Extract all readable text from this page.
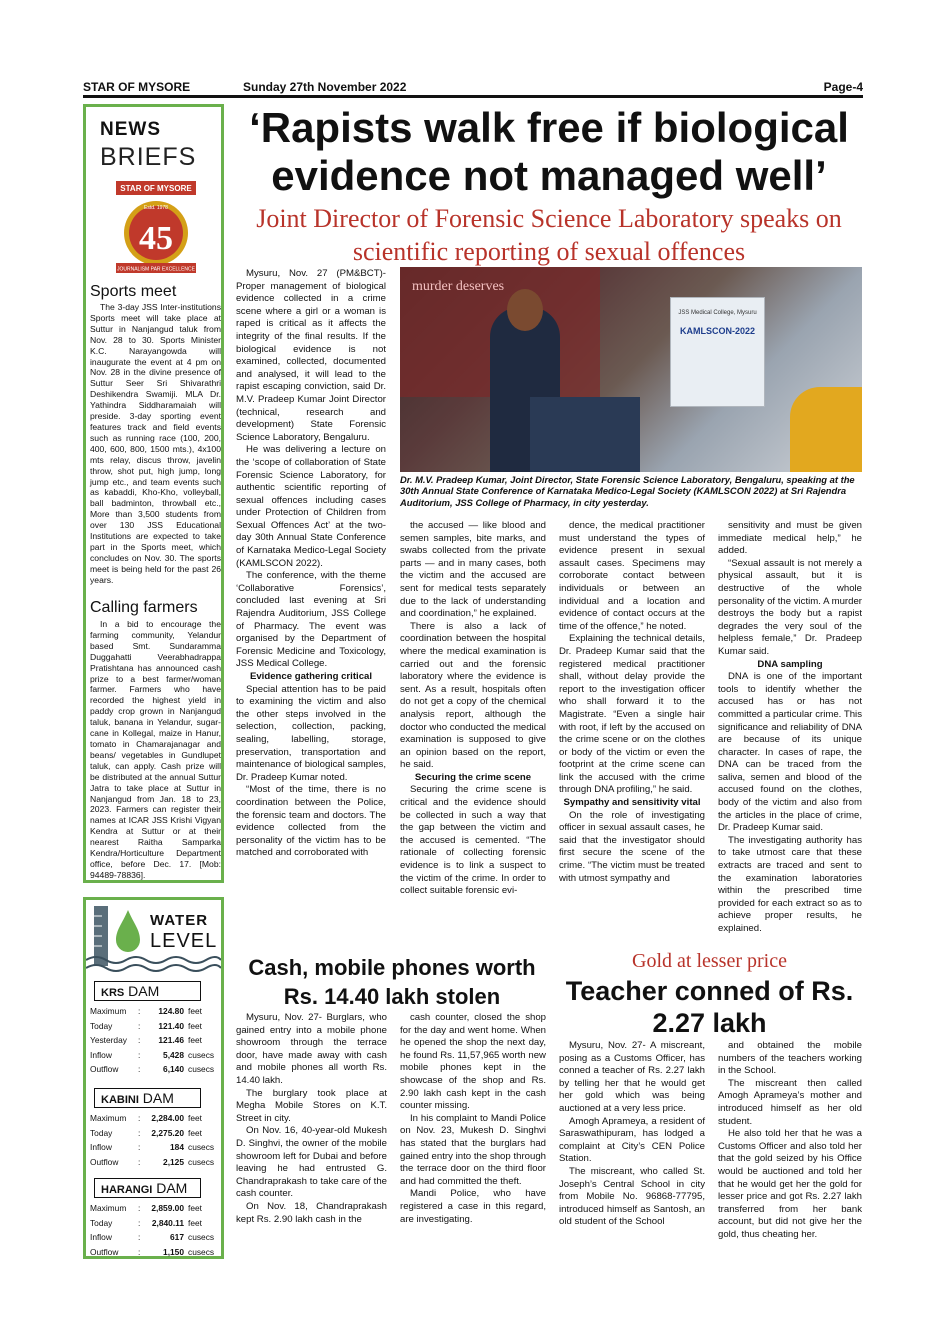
STAR OF MYSORE	Sunday 27th November 2022	Page-4
NEWS
BRIEFS
STAR OF MYSORE
Estd. 1978
45
JOURNALISM PAR EXCELLENCE
Sports meet
The 3-day JSS Inter-institutions Sports meet will take place at Suttur in Nanjangud taluk from Nov. 28 to 30. Sports Minister K.C. Narayangowda will inaugurate the event at 4 pm on Nov. 28 in the divine presence of Suttur Seer Sri Shivarathri Deshikendra Swamiji. MLA Dr. Yathindra Siddharamaiah will preside. 3-day sporting event features track and field events such as running race (100, 200, 400, 600, 800, 1500 mts.), 4x100 mts relay, discus throw, javelin throw, shot put, high jump, long jump etc., and team events such as kabaddi, Kho-Kho, volleyball, ball badminton, throwball etc., More than 3,500 students from over 130 JSS Educational Institutions are expected to take part in the Sports meet, which concludes on Nov. 30. The sports meet is being held for the past 26 years.
Calling farmers
In a bid to encourage the farming community, Yelandur based Smt. Sundaramma Duggahatti Veerabhadrappa Pratishtana has announced cash prize to a best farmer/woman farmer. Farmers who have recorded the highest yield in paddy crop grown in Nanjangud taluk, banana in Yelandur, sugar-cane in Kollegal, maize in Hanur, tomato in Chamarajanagar and beans/ vegetables in Gundlupet taluk, can apply. Cash prize will be distributed at the annual Suttur Jatra to take place at Suttur in Nanjangud from Jan. 18 to 23, 2023. Farmers can register their names at ICAR JSS Krishi Vigyan Kendra at Suttur or at their nearest Raitha Samparka Kendra/Horticulture Department office, before Dec. 17. [Mob: 94489-78836].
WATER
LEVEL
KRS DAM
Maximum	:	124.80 feet
Today	:	121.40 feet
Yesterday	:	121.46 feet
Inflow	:	5,428 cusecs
Outflow	:	6,140 cusecs
KABINI DAM
Maximum	:	2,284.00 feet
Today	:	2,275.20 feet
Inflow	:	184 cusecs
Outflow	:	2,125 cusecs
HARANGI DAM
Maximum	:	2,859.00 feet
Today	:	2,840.11 feet
Inflow	:	617 cusecs
Outflow	:	1,150 cusecs
‘Rapists walk free if biological evidence not managed well’
Joint Director of Forensic Science Laboratory speaks on scientific reporting of sexual offences
murder deserves
JSS Medical College, Mysuru
KAMLSCON-2022
Dr. M.V. Pradeep Kumar, Joint Director, State Forensic Science Laboratory, Bengaluru, speaking at the 30th Annual State Conference of Karnataka Medico-Legal Society (KAMLSCON 2022) at Sri Rajendra Auditorium, JSS College of Pharmacy, in city yesterday.

Mysuru, Nov. 27 (PM&BCT)- Proper management of biological evidence collected in a crime scene where a girl or a woman is raped is critical as it affects the integrity of the final results. If the biological evidence is not examined, collected, documented and analysed, it will lead to the rapist escaping conviction, said Dr. M.V. Pradeep Kumar Joint Director (technical, research and development) State Forensic Science Laboratory, Bengaluru.

He was delivering a lecture on the ‘scope of collaboration of State Forensic Science Laboratory, for authentic scientific reporting of sexual offences including cases under Protection of Children from Sexual Offences Act’ at the two-day 30th Annual State Conference of Karnataka Medico-Legal Society (KAMLSCON 2022).

The conference, with the theme ‘Collaborative Forensics’, concluded last evening at Sri Rajendra Auditorium, JSS College of Pharmacy. The event was organised by the Department of Forensic Medicine and Toxicology, JSS Medical College.

Evidence gathering critical

Special attention has to be paid to examining the victim and also the other steps involved in the selection, collection, packing, sealing, labelling, storage, preservation, transportation and maintenance of biological samples, Dr. Pradeep Kumar noted.

“Most of the time, there is no coordination between the Police, the forensic team and doctors. The evidence collected from the personality of the victim has to be matched and corroborated with

the accused — like blood and semen samples, bite marks, and swabs collected from the private parts — and in many cases, both the victim and the accused are sent for medical tests separately due to the lack of understanding and coordination,” he explained.

There is also a lack of coordination between the hospital where the medical examination is carried out and the forensic laboratory where the evidence is sent. As a result, hospitals often do not get a copy of the chemical analysis report, although the doctor who conducted the medical examination is supposed to give an opinion based on the report, he said.

Securing the crime scene

Securing the crime scene is critical and the evidence should be collected in such a way that the gap between the victim and the accused is cemented. “The rationale of collecting forensic evidence is to link a suspect to the victim of the crime. In order to collect suitable forensic evi-

dence, the medical practitioner must understand the types of evidence present in sexual assault cases. Specimens may corroborate contact between individuals or between an individual and a location and evidence of contact occurs at the time of the offence,” he noted.

Explaining the technical details, Dr. Pradeep Kumar said that the registered medical practitioner shall, without delay provide the report to the investigation officer who shall forward it to the Magistrate. “Even a single hair with root, if left by the accused on the crime scene or on the clothes or body of the victim or even the footprint at the crime scene can link the accused with the crime through DNA profiling,” he said.

Sympathy and sensitivity vital

On the role of investigating officer in sexual assault cases, he said that the investigator should first secure the scene of the crime. “The victim must be treated with utmost sympathy and

sensitivity and must be given immediate medical help,” he added.

“Sexual assault is not merely a physical assault, but it is destructive of the whole personality of the victim. A murder destroys the body but a rapist degrades the very soul of the helpless female,” Dr. Pradeep Kumar said.

DNA sampling

DNA is one of the important tools to identify whether the accused has or has not committed a particular crime. This significance and reliability of DNA are because of its unique character. In cases of rape, the DNA can be traced from the saliva, semen and blood of the accused found on the clothes, body of the victim and also from the articles in the place of crime, Dr. Pradeep Kumar said.

The investigating authority has to take utmost care that these extracts are traced and sent to the examination laboratories within the prescribed time provided for each extract so as to achieve proper results, he explained.

Cash, mobile phones worth Rs. 14.40 lakh stolen

Mysuru, Nov. 27- Burglars, who gained entry into a mobile phone showroom through the terrace door, have made away with cash and mobile phones all worth Rs. 14.40 lakh.

The burglary took place at Megha Mobile Stores on K.T. Street in city.

On Nov. 16, 40-year-old Mukesh D. Singhvi, the owner of the mobile showroom left for Dubai and before leaving he had entrusted G. Chandraprakash to take care of the cash counter.

On Nov. 18, Chandraprakash kept Rs. 2.90 lakh cash in the

cash counter, closed the shop for the day and went home. When he opened the shop the next day, he found Rs. 11,57,965 worth new mobile phones kept in the showcase of the shop and Rs. 2.90 lakh cash kept in the cash counter missing.

In his complaint to Mandi Police on Nov. 23, Mukesh D. Singhvi has stated that the burglars had gained entry into the shop through the terrace door on the third floor and had committed the theft.

Mandi Police, who have registered a case in this regard, are investigating.

Gold at lesser price
Teacher conned of Rs. 2.27 lakh

Mysuru, Nov. 27- A miscreant, posing as a Customs Officer, has conned a teacher of Rs. 2.27 lakh by telling her that he would get her gold which was being auctioned at a very less price.

Amogh Aprameya, a resident of Saraswathipuram, has lodged a complaint at City’s CEN Police Station.

The miscreant, who called St. Joseph’s Central School in city from Mobile No. 96868-77795, introduced himself as Santosh, an old student of the School

and obtained the mobile numbers of the teachers working in the School.

The miscreant then called Amogh Aprameya’s mother and introduced himself as her old student.

He also told her that he was a Customs Officer and also told her that the gold seized by his Office would be auctioned and told her that he would get her the gold for lesser price and got Rs. 2.27 lakh transferred from her bank account, but did not give her the gold, thus cheating her.
